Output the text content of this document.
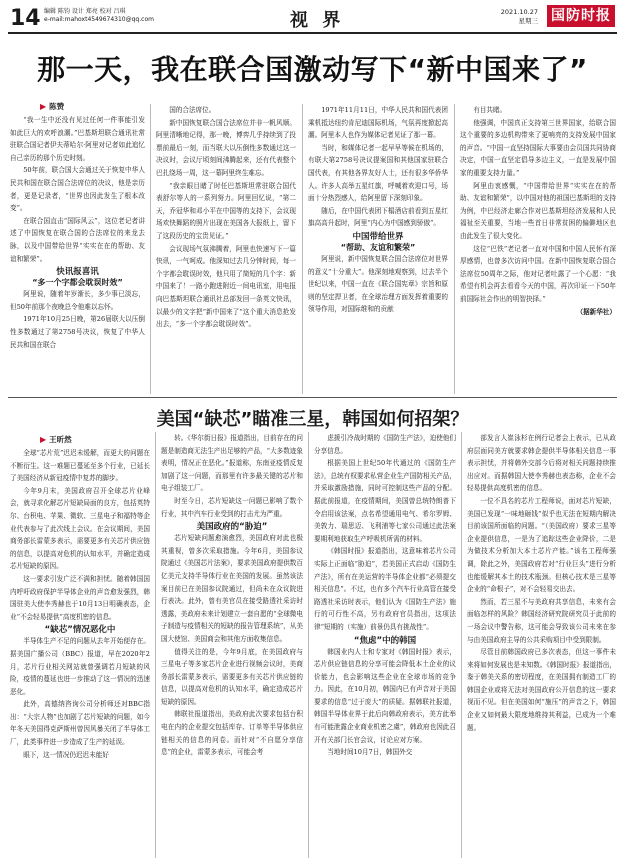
14 编辑 陈钧 设计 郑亮 校对 吕琪
e-mail:mahoxt4549674310@qq.com	视 界	2021.10.27
星期三 国防时报
那一天，我在联合国激动写下“新中国来了”
▶ 陈赞

“我一生中还没有见过任何一件事能引发如此巨大的欢呼浪潮。”巴基斯坦联合通讯社常驻联合国记者伊夫蒂哈尔·阿里对记者如此追忆自己亲历的那个历史时刻。

50年前，联合国大会通过关于恢复中华人民共和国在联合国合法席位的决议，他是亲历者，更是记录者，“世界也因此发生了根本改变”。

在联合国直击“国际风云”，这位老记者讲述了中国恢复在联合国的合法席位的来龙去脉，以及中国带给世界“实实在在的帮助、友谊和繁荣”。

快讯报喜讯

“多一个字都会耽误时效”

阿里说，随着年岁渐长，多少事已淡忘，但50年前那个夜晚总令他难以忘怀。

1971年10月25日晚，第26届联大以压倒性多数通过了第2758号决议，恢复了中华人民共和国在联合

国的合法席位。

新中国恢复联合国合法席位并非一帆风顺。阿里清晰地记得，那一晚，博弈几乎持续到了投票前最后一刻，而当联大以压倒性多数通过这一决议时，会议厅顷刻间沸腾起来，还有代表整个巴扎绕场一周，这一幕阿里终生难忘。

“我亲眼目睹了时任巴基斯坦常驻联合国代表舒尔等人的一系列努力。阿里回忆说，“第二天，乔冠华和邓小平在中国等的支持下，会议现场欢快舞蹈的照片出现在美国各大报纸上，留下了这段历史的宝贵见证。”

会议现场气氛沸腾着，阿里也快速写下一篇快讯，一气呵成。他深知过去几分钟时间，每一个字都会耽误时效，他只用了简短的几个字：新中国来了！一路小跑进附近一间电讯室，用电报向巴基斯坦联合通讯社总部发回一条英文快讯，以最少的文字把“新中国来了”这个重大消息抢发出去，“多一个字都会耽误时效”。

1971年11月11日，中华人民共和国代表团乘机抵达纽约肯尼迪国际机场，气氛再度掀起高潮。阿里本人也作为媒体记者见证了那一幕。

当时，和媒体记者一起早早等候在机场的，有联大第2758号决议提案国和其他国家驻联合国代表，有其他各界友好人士，还有很多华侨华人。许多人高举五星红旗，呼喊着欢迎口号，场面十分热烈感人，给阿里留下深刻印象。

随后，在中国代表团下榻酒店前看到五星红旗高高升起时，阿里“内心为中国感到骄傲”。

中国带给世界

“帮助、友谊和繁荣”

阿里说，新中国恢复联合国合法席位对世界的意义“十分重大”。他深刻地观察到，过去半个世纪以来，中国一直在《联合国宪章》宗旨和原则的坚定捍卫者，在全球治理方面发挥着重要的领导作用，对国际维和的贡献

有目共睹。

他强调，中国真正支持第三世界国家，给联合国这个重要的多边机构带来了更响亮的支持发展中国家的声音。“中国一直坚持国际大事要由会员国共同协商决定，中国一直坚定倡导多边主义，一直是发展中国家的重要支持力量。”

阿里由衷感慨，“中国带给世界“实实在在的帮助、友谊和繁荣”，以中国对他的祖国巴基斯坦的支持为例，中巴经济走廊合作对巴基斯坦经济发展和人民福祉至关重要，当地一些首日非常贫困的偏僻地区也由此发生了很大变化。

这位“巴铁”老记者一直对中国和中国人民怀有深厚感情，也曾多次访问中国。在新中国恢复联合国合法席位50周年之际，他对记者吐露了一个心愿：“我希望有机会再去看看今天的中国，再次印证一下50年前国际社会作出的明智抉择。”

（据新华社）

美国“缺芯”瞄准三星，韩国如何招架？
▶ 王昕然

全球“芯片荒”迟迟未缓解，而更大的问题在不断衍生。这一难题已蔓延至多个行业，已延长了美国经济从新冠疫情中复苏的脚步。

今年9月末，美国政府召开全球芯片业峰会，就寻求化解芯片短缺局面的良方，包括英特尔、台积电、苹果、微软、三星电子和福特等企业代表参与了此次线上会议。在会议期间，美国商务部长雷蒙多表示，需要更多有关芯片供应链的信息，以提高对危机的认知水平，并确定造成芯片短缺的原因。

这一要求引发广泛不满和担忧。随着韩国国内呼吁政府保护半导体企业的声音愈发强烈，韩国驻美大使李秀赫也于10月13日明确表态，企业“不会轻易提供”高度机密的信息。

“缺芯”情况恶化中

半导体生产不足的问题从去年开始便存在。据美国广播公司（BBC）报道，早在2020年2月，芯片行业相关网站就曾强调若月短缺的风险，疫情的蔓延也进一步推动了这一情况的迅速恶化。

此外，高德纳咨询公司分析师还对BBC指出：“大宗人物”也加剧了芯片短缺的问题，如今年冬天美国得克萨斯州曾因风暴关闭了半导体工厂，此类事件进一步造成了生产的延误。

眼下，这一情况仍迟迟未能好

转。《华尔街日报》报道指出，目前存在的问题是制造商无法生产出足够的产品，“大多数迹象表明，情况正在恶化。”报道称，东南亚疫情反复加剧了这一问题，而那里有许多最关键的芯片和电子组装工厂。

时至今日，芯片短缺这一问题已影响了数个行业，其中汽车行业受到的打击尤为严重。

美国政府的“胁迫”

芯片短缺问题愈演愈烈，美国政府对此也极其重视，曾多次采取措施。今年6月，美国参议院通过《美国芯片法案》，要求美国政府提供数百亿美元支持半导体行业在美国的发展。虽然该法案目前已在美国参议院通过，但尚未在众议院进行表决。此外，曾有美官员在接受路透社采访时透露，美政府未来计划建立一套自愿的“全球微电子制造与疫情相关的短缺的报告管理系统”，从美国大使馆、美国商会和其他方面收集信息。

值得关注的是，今年9月底，在美国政府与三星电子等多家芯片企业进行视频会议时，美商务部长雷蒙多表示，需要更多有关芯片供应链的信息，以提高对危机的认知水平，确定造成芯片短缺的原因。

韩联社报道指出，美政府此次要求包括台积电在内的企业提交包括库存、订单等半导体供应链相关的信息的问卷。而针对“不自愿分享信息”的企业，雷蒙多表示，可能会考

虑援引冷战时期的《国防生产法》，迫使他们分享信息。

根据美国上世纪50年代通过的《国防生产法》，总统有权要求私营企业生产国防相关产品，并采取激励措施，同时可控制这些产品的分配。据此前报道，在疫情期间，美国曾总统特朗普下令启用该法案，点名希望通用电气、希尔罗姆、美敦力、瑞思迈、飞利浦等七家公司通过此法案要期利地获取生产呼吸机所需的材料。

《韩国时报》报道指出，这意味着芯片公司实际上正面临“胁迫”，若美国正式启动《国防生产法》，所有在美运营的半导体企业都“必须提交相关信息”。不过，也有多个汽车行业高管在接受路透社采访时表示，他们认为《国防生产法》施行的可行性不高，另有政府官员指出，这项法律“短期的（实施）前景仍具有挑战性”。

“焦虑”中的韩国

韩国业内人士和专家对《韩国时报》表示，芯片供应链信息的分享可能会降低本土企业的议价能力，也会影响这些企业在全球市场的竞争力。因此，在10月初，韩国内已有声音对于美国要求的信息“过于庞大”的质疑。据韩联社报道，韩国半导体业界于此后向韩政府表示，美方此举有可能泄露企业商业机密之虞”，韩政府也因此召开有关部门长官会议，讨论应对方案。

当地时间10月7日，韩国外交

部发言人崔泳杉在例行记者会上表示，已从政府层面同美方就要求韩企提供半导体相关信息一事表示担忧，并将韩外交部今后将对相关问题持续推出应对。而据韩国大使李秀赫也表态称，企业不会轻易提供高度机密的信息。

一位不具名的芯片工程师说，面对芯片短缺，美国已发现“一味地砸钱”似乎也无法在短期内解决目前该国所面临的问题。“（美国政府）要求三星等企业提供信息，一是为了追踪这些企业降价，二是为做技术分析加大本土芯片产能。”该名工程师强调，除此之外，美国政府若对“行业巨头”进行分析也能缓解其本土的技术瓶颈。但核心技术是三星等企业的“命根子”，对不会轻易交出去。

然而，若三星不与美政府共享信息，未来有会面临怎样的风险？韩国经济研究院研究员于此前的一场会议中警告称，这可能会导致该公司未来在参与由美国政府主导的公共采购项目中受到限制。

尽管目前韩国政府已多次表态，但这一事件未来将如何发展也是未知数。《韩国时报》报道指出，鉴于韩美关系的密切程度，在美国拥有制造工厂的韩国企业或将无法对美国政府公开信息的这一要求视而不见。但在美国如何“施压”的声音之下，韩国企业又如何最大限度地维持其利益，已成为一个难题。
